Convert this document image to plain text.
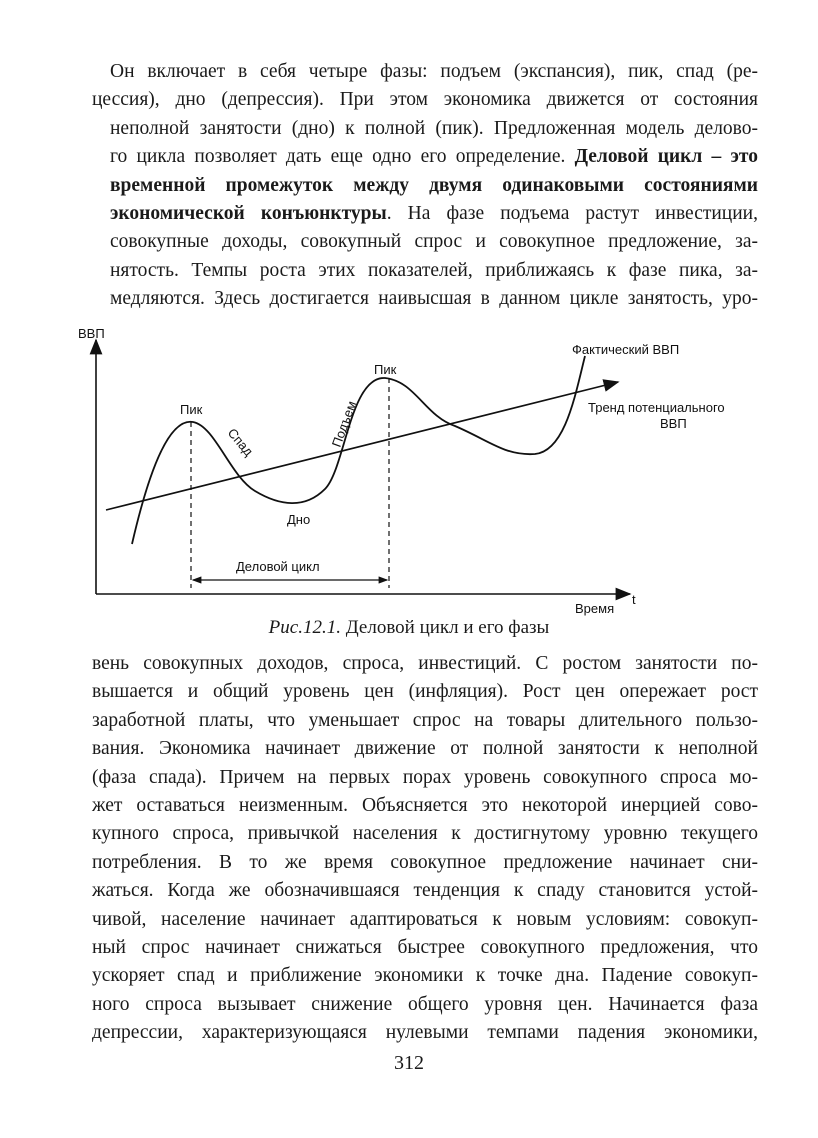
Он включает в себя четыре фазы: подъем (экспансия), пик, спад (ре-
цессия), дно (депрессия). При этом экономика движется от состояния
неполной занятости (дно) к полной (пик). Предложенная модель делово-
го цикла позволяет дать еще одно его определение. Деловой цикл – это
временной промежуток между двумя одинаковыми состояниями
экономической конъюнктуры. На фазе подъема растут инвестиции,
совокупные доходы, совокупный спрос и совокупное предложение, за-
нятость. Темпы роста этих показателей, приближаясь к фазе пика, за-
медляются. Здесь достигается наивысшая в данном цикле занятость, уро-
ВВП
t
Время
Деловой цикл
Пик
Пик
Дно
Спад	Подъем
Фактический ВВП
Тренд потенциального
ВВП
Рис.12.1. Деловой цикл и его фазы
вень совокупных доходов, спроса, инвестиций. С ростом занятости по-
вышается и общий уровень цен (инфляция). Рост цен опережает рост
заработной платы, что уменьшает спрос на товары длительного пользо-
вания. Экономика начинает движение от полной занятости к неполной
(фаза спада). Причем на первых порах уровень совокупного спроса мо-
жет оставаться неизменным. Объясняется это некоторой инерцией сово-
купного спроса, привычкой населения к достигнутому уровню текущего
потребления. В то же время совокупное предложение начинает сни-
жаться. Когда же обозначившаяся тенденция к спаду становится устой-
чивой, население начинает адаптироваться к новым условиям: совокуп-
ный спрос начинает снижаться быстрее совокупного предложения, что
ускоряет спад и приближение экономики к точке дна. Падение совокуп-
ного спроса вызывает снижение общего уровня цен. Начинается фаза
депрессии, характеризующаяся нулевыми темпами падения экономики,
312
